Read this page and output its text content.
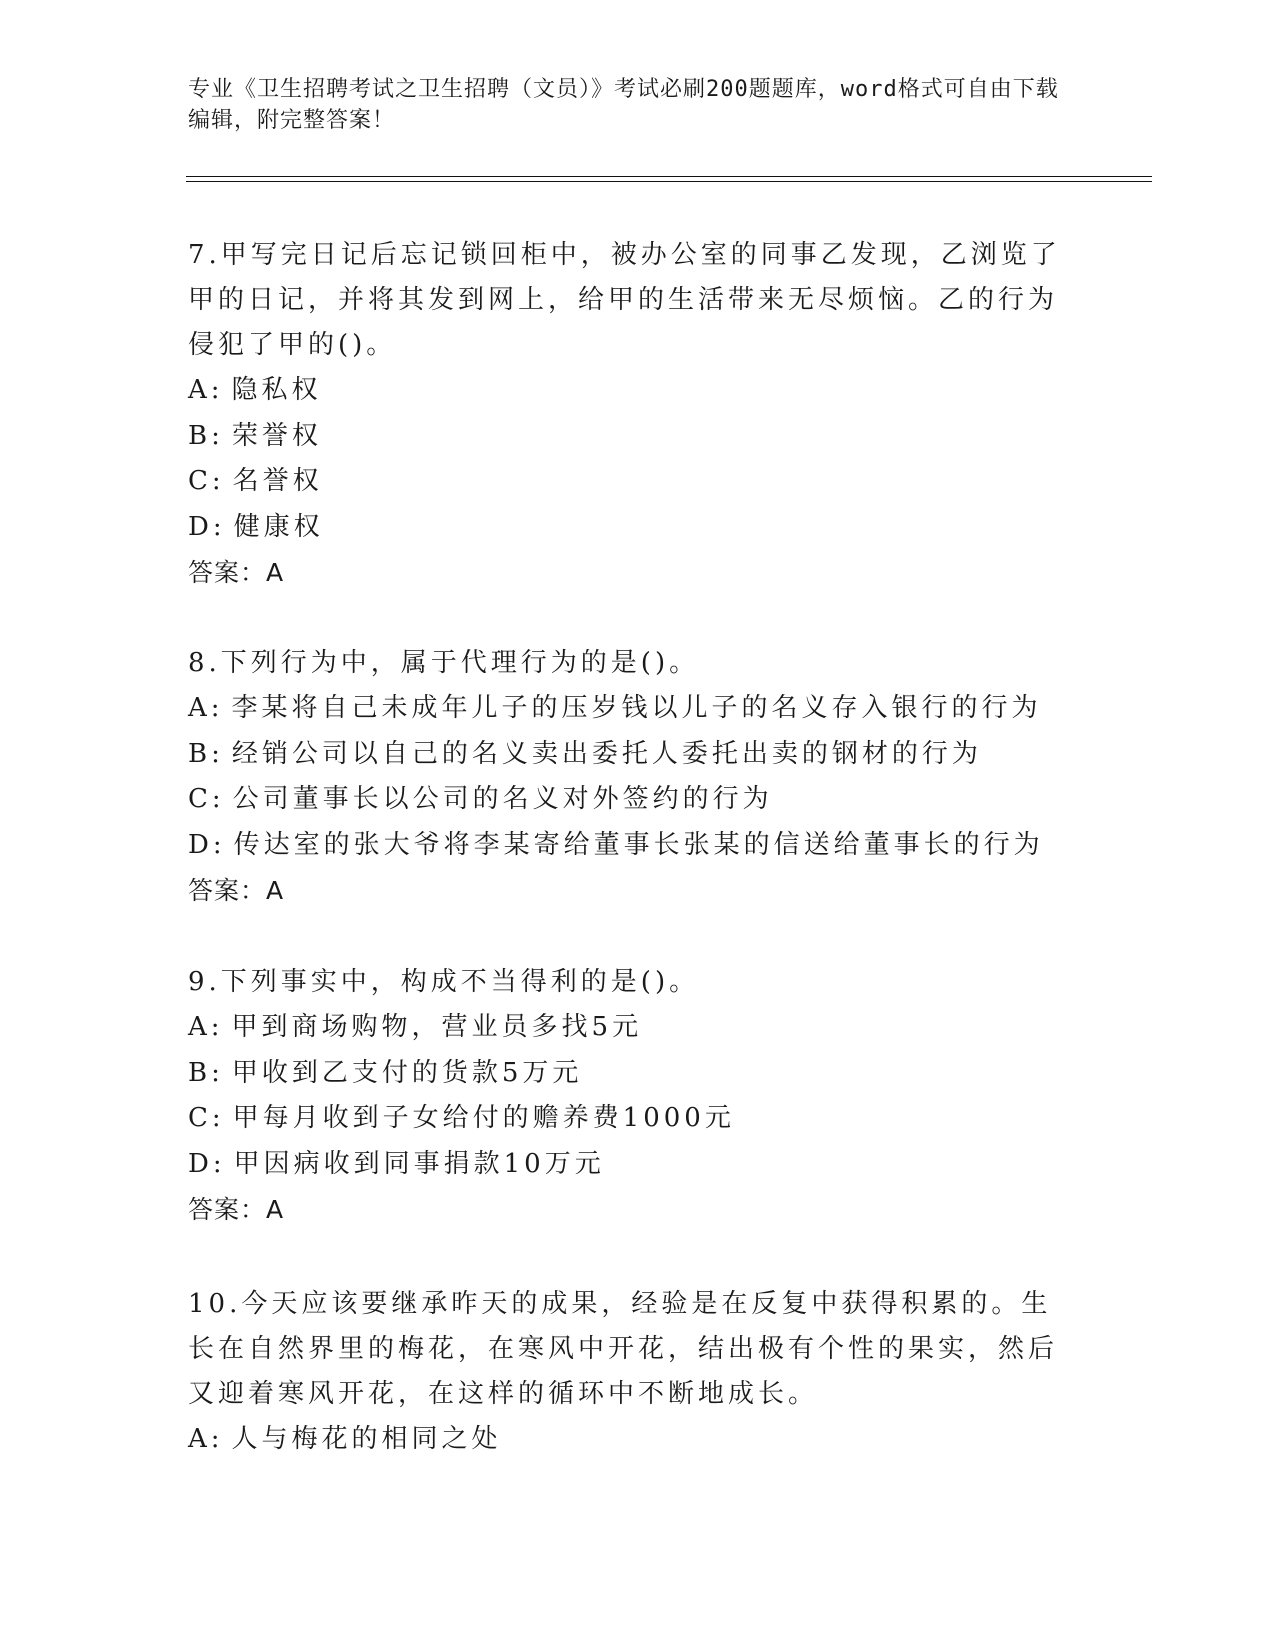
专业《卫生招聘考试之卫生招聘（文员）》考试必刷200题题库，word格式可自由下载编辑，附完整答案！

7.甲写完日记后忘记锁回柜中，被办公室的同事乙发现，乙浏览了甲的日记，并将其发到网上，给甲的生活带来无尽烦恼。乙的行为侵犯了甲的()。

A: 隐私权

B: 荣誉权

C: 名誉权

D: 健康权

答案：A

8.下列行为中，属于代理行为的是()。

A: 李某将自己未成年儿子的压岁钱以儿子的名义存入银行的行为

B: 经销公司以自己的名义卖出委托人委托出卖的钢材的行为

C: 公司董事长以公司的名义对外签约的行为

D: 传达室的张大爷将李某寄给董事长张某的信送给董事长的行为

答案：A

9.下列事实中，构成不当得利的是()。

A: 甲到商场购物，营业员多找5元

B: 甲收到乙支付的货款5万元

C: 甲每月收到子女给付的赡养费1000元

D: 甲因病收到同事捐款10万元

答案：A

10.今天应该要继承昨天的成果，经验是在反复中获得积累的。生长在自然界里的梅花，在寒风中开花，结出极有个性的果实，然后又迎着寒风开花，在这样的循环中不断地成长。

A: 人与梅花的相同之处
